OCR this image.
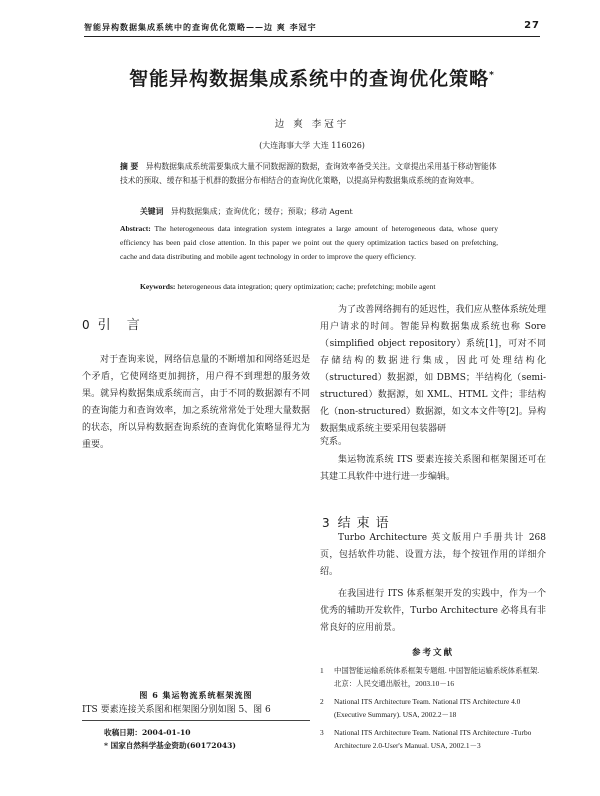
智能异构数据集成系统中的查询优化策略——边 爽 李冠宇	27
智能异构数据集成系统中的查询优化策略*
边 爽 李冠宇
(大连海事大学 大连 116026)
摘 要 异构数据集成系统需要集成大量不同数据源的数据，查询效率备受关注。文章提出采用基于移动智能体技术的预取、缓存和基于机群的数据分布相结合的查询优化策略，以提高异构数据集成系统的查询效率。
关键词 异构数据集成；查询优化；缓存；预取；移动 Agent
Abstract: The heterogeneous data integration system integrates a large amount of heterogeneous data, whose query efficiency has been paid close attention. In this paper we point out the query optimization tactics based on prefetching, cache and data distributing and mobile agent technology in order to improve the query efficiency.
Keywords: heterogeneous data integration; query optimization; cache; prefetching; mobile agent
0引 言
对于查询来说，网络信息量的不断增加和网络延迟是个矛盾，它使网络更加拥挤，用户得不到理想的服务效果。就异构数据集成系统而言，由于不同的数据源有不同的查询能力和查询效率，加之系统常常处于处理大量数据的状态，所以异构数据查询系统的查询优化策略显得尤为重要。

为了改善网络拥有的延迟性，我们应从整体系统处理用户请求的时间。智能异构数据集成系统也称 Sore（simplified object repository）系统[1]，可对不同存储结构的数据进行集成，因此可处理结构化（structured）数据源，如 DBMS；半结构化（semi-structured）数据源，如 XML、HTML 文件；非结构化（non-structured）数据源，如文本文件等[2]。异构数据集成系统主要采用包装器研

究系。

集运物流系统 ITS 要素连接关系图和框架图还可在其建工具软件中进行进一步编辑。

3结束语

Turbo Architecture 英文版用户手册共计 268 页，包括软件功能、设置方法，每个按钮作用的详细介绍。

在我国进行 ITS 体系框架开发的实践中，作为一个优秀的辅助开发软件，Turbo Architecture 必将具有非常良好的应用前景。

参考文献
1	中国智能运输系统体系框架专题组. 中国智能运输系统体系框架. 北京：人民交通出版社，2003.10－16
2	National ITS Architecture Team. National ITS Architecture 4.0 (Executive Summary). USA, 2002.2－18
3	National ITS Architecture Team. National ITS Architecture -Turbo Architecture 2.0-User's Manual. USA, 2002.1－3
图 6 集运物流系统框架流图
ITS 要素连接关系图和框架图分别如图 5、图 6
收稿日期：2004-01-10
* 国家自然科学基金资助(60172043)
